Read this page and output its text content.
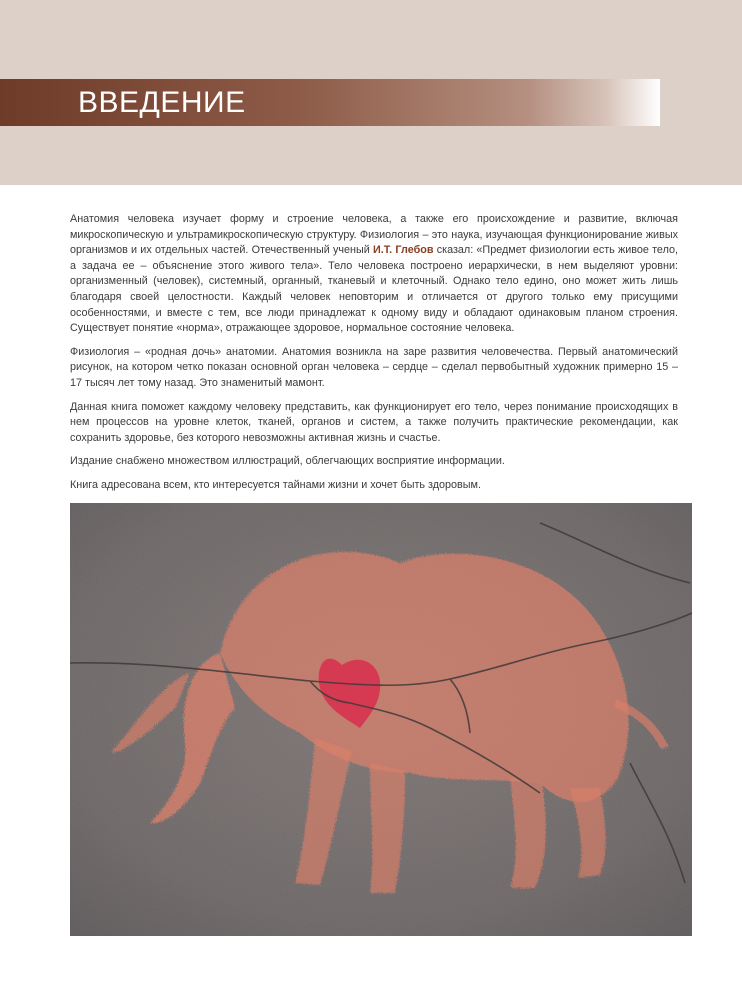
ВВЕДЕНИЕ

Анатомия человека изучает форму и строение человека, а также его происхождение и развитие, включая микроскопическую и ультрамикроскопическую структуру. Физиология – это наука, изучающая функционирование живых организмов и их отдельных частей. Отечественный ученый И.Т. Глебов сказал: «Предмет физиологии есть живое тело, а задача ее – объяснение этого живого тела». Тело человека построено иерархически, в нем выделяют уровни: организменный (человек), системный, органный, тканевый и клеточный. Однако тело едино, оно может жить лишь благодаря своей целостности. Каждый человек неповторим и отличается от другого только ему присущими особенностями, и вместе с тем, все люди принадлежат к одному виду и обладают одинаковым планом строения. Существует понятие «норма», отражающее здоровое, нормальное состояние человека.

Физиология – «родная дочь» анатомии. Анатомия возникла на заре развития человечества. Первый анатомический рисунок, на котором четко показан основной орган человека – сердце – сделал первобытный художник примерно 15 – 17 тысяч лет тому назад. Это знаменитый мамонт.

Данная книга поможет каждому человеку представить, как функционирует его тело, через понимание происходящих в нем процессов на уровне клеток, тканей, органов и систем, а также получить практические рекомендации, как сохранить здоровье, без которого невозможны активная жизнь и счастье.

Издание снабжено множеством иллюстраций, облегчающих восприятие информации.

Книга адресована всем, кто интересуется тайнами жизни и хочет быть здоровым.
